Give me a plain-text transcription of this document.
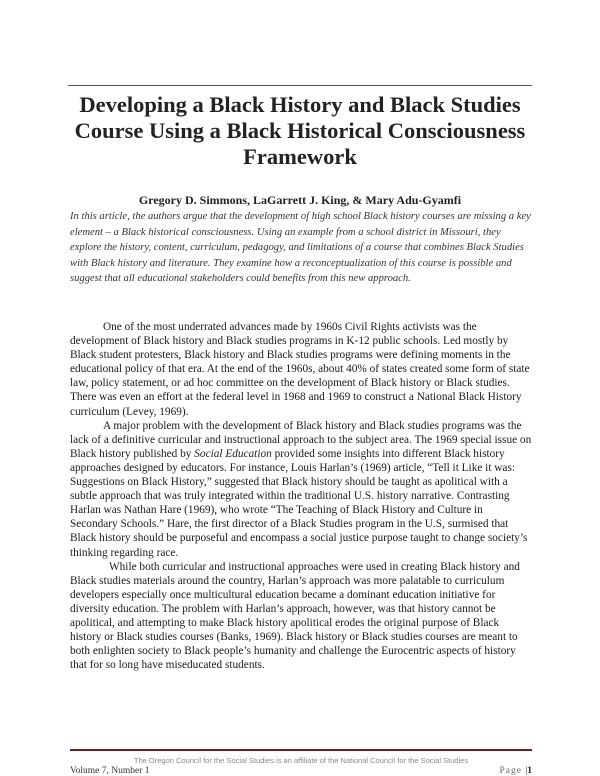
Developing a Black History and Black Studies Course Using a Black Historical Consciousness Framework

Gregory D. Simmons, LaGarrett J. King, & Mary Adu-Gyamfi

In this article, the authors argue that the development of high school Black history courses are missing a key element – a Black historical consciousness. Using an example from a school district in Missouri, they explore the history, content, curriculum, pedagogy, and limitations of a course that combines Black Studies with Black history and literature. They examine how a reconceptualization of this course is possible and suggest that all educational stakeholders could benefits from this new approach.

One of the most underrated advances made by 1960s Civil Rights activists was the development of Black history and Black studies programs in K-12 public schools. Led mostly by Black student protesters, Black history and Black studies programs were defining moments in the educational policy of that era. At the end of the 1960s, about 40% of states created some form of state law, policy statement, or ad hoc committee on the development of Black history or Black studies. There was even an effort at the federal level in 1968 and 1969 to construct a National Black History curriculum (Levey, 1969).

A major problem with the development of Black history and Black studies programs was the lack of a definitive curricular and instructional approach to the subject area. The 1969 special issue on Black history published by Social Education provided some insights into different Black history approaches designed by educators. For instance, Louis Harlan’s (1969) article, “Tell it Like it was: Suggestions on Black History,” suggested that Black history should be taught as apolitical with a subtle approach that was truly integrated within the traditional U.S. history narrative. Contrasting Harlan was Nathan Hare (1969), who wrote “The Teaching of Black History and Culture in Secondary Schools.” Hare, the first director of a Black Studies program in the U.S, surmised that Black history should be purposeful and encompass a social justice purpose taught to change society’s thinking regarding race.

While both curricular and instructional approaches were used in creating Black history and Black studies materials around the country, Harlan’s approach was more palatable to curriculum developers especially once multicultural education became a dominant education initiative for diversity education. The problem with Harlan’s approach, however, was that history cannot be apolitical, and attempting to make Black history apolitical erodes the original purpose of Black history or Black studies courses (Banks, 1969). Black history or Black studies courses are meant to both enlighten society to Black people’s humanity and challenge the Eurocentric aspects of history that for so long have miseducated students.

The Oregon Council for the Social Studies is an affiliate of the National Council for the Social Studies
Volume 7, Number 1	Page |1
